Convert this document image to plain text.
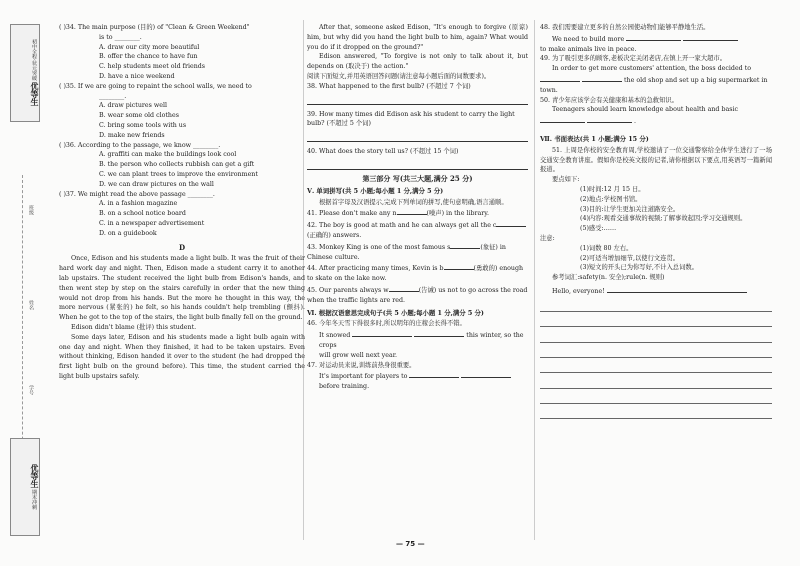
初中全程·状元突破 优等生
班级
姓名
学号
优等生 期末冲刺

( )34. The main purpose (目的) of "Clean & Green Weekend"

is to ________.

A. draw our city more beautiful

B. offer the chance to have fun

C. help students meet old friends

D. have a nice weekend

( )35. If we are going to repaint the school walls, we need to

________.

A. draw pictures well

B. wear some old clothes

C. bring some tools with us

D. make new friends

( )36. According to the passage, we know ________.

A. graffiti can make the buildings look cool

B. the person who collects rubbish can get a gift

C. we can plant trees to improve the environment

D. we can draw pictures on the wall

( )37. We might read the above passage ________.

A. in a fashion magazine

B. on a school notice board

C. in a newspaper advertisement

D. on a guidebook

D

Once, Edison and his students made a light bulb. It was the fruit of their hard work day and night. Then, Edison made a student carry it to another lab upstairs. The student received the light bulb from Edison's hands, and then went step by step on the stairs carefully in order that the new thing would not drop from his hands. But the more he thought in this way, the more nervous (紧张的) he felt, so his hands couldn't help trembling (颤抖). When he got to the top of the stairs, the light bulb finally fell on the ground.

Edison didn't blame (批评) this student.

Some days later, Edison and his students made a light bulb again with one day and night. When they finished, it had to be taken upstairs. Even without thinking, Edison handed it over to the student (he had dropped the first light bulb on the ground before). This time, the student carried the light bulb upstairs safely.

After that, someone asked Edison, "It's enough to forgive (原谅) him, but why did you hand the light bulb to him, again? What would you do if it dropped on the ground?"

Edison answered, "To forgive is not only to talk about it, but depends on (取决于) the action."

阅读下面短文,并用英语回答问题(请注意每小题后面的词数要求)。

38. What happened to the first bulb? (不超过 7 个词)

39. How many times did Edison ask his student to carry the light bulb? (不超过 5 个词)

40. What does the story tell us? (不超过 15 个词)

第三部分 写(共三大题,满分 25 分)

Ⅴ. 单词拼写(共 5 小题;每小题 1 分,满分 5 分)

根据首字母及汉语提示,完成下列单词的拼写,使句意明确,语言通顺。

41. Please don't make any n	(噪声) in the library.

42. The boy is good at math and he can always get all the c(正确的) answers.

43. Monkey King is one of the most famous s	(象征) in Chinese culture.

44. After practicing many times, Kevin is b	(勇敢的) enough to skate on the lake now.

45. Our parents always w	(告诫) us not to go across the road when the traffic lights are red.

Ⅵ. 根据汉语意思完成句子(共 5 小题;每小题 1 分,满分 5 分)

46. 今年冬天雪下得很多时,所以明年的庄稼会长得不错。

It snowed	this winter, so the crops

will grow well next year.

47. 对运动员来说,训练前热身很重要。

It's important for players to

before training.

48. 我们需要建立更多的自然公园使动物们能够平静地生活。

We need to build more

to make animals live in peace.

49. 为了吸引更多的顾客,老板决定关闭老店,在镇上开一家大超市。

In order to get more customers' attention, the boss decided to

the old shop and set up a big supermarket in town.

50. 青少年应该学会有关健康和基本的急救知识。

Teenagers should learn knowledge about health and basic

.

Ⅶ. 书面表达(共 1 小题;满分 15 分)

51. 上周是你校的安全教育周,学校邀请了一位交通警察给全体学生进行了一场交通安全教育讲座。假如你是校英文报的记者,请你根据以下要点,用英语写一篇新闻报道。

要点如下:

(1)时间:12 月 15 日。

(2)地点:学校图书馆。

(3)目的:让学生更加关注道路安全。

(4)内容:观看交通事故的视频;了解事故起因;学习交通规则。

(5)感受:……

注意:

(1)词数 80 左右。

(2)可适当增加细节,以使行文连贯。

(3)短文的开头已为你写好,不计入总词数。

参考词汇:safety(n. 安全);rule(n. 规则)

Hello, everyone!

— 75 —
